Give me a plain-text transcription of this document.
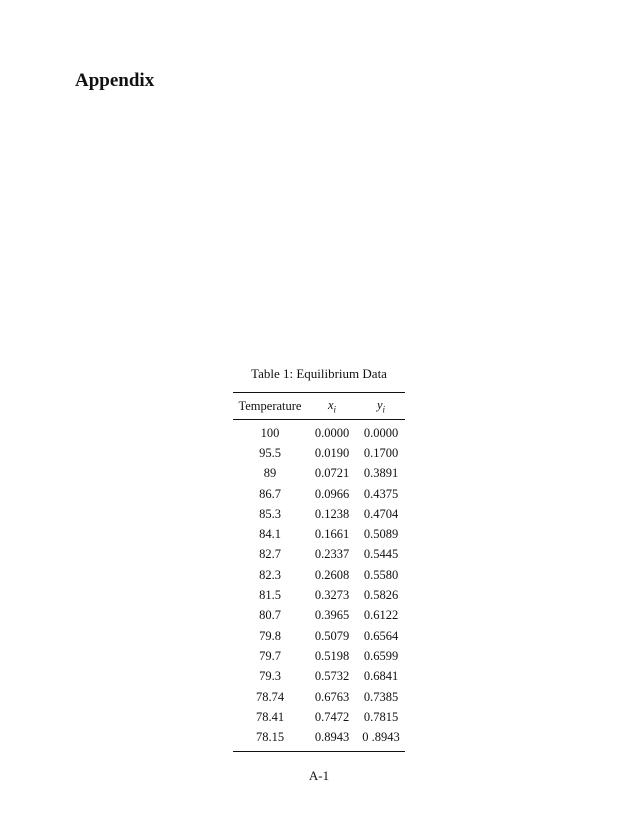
Appendix
Table 1: Equilibrium Data
Temperature	$x_i$	$y_i$
100	0.0000	0.0000
95.5	0.0190	0.1700
89	0.0721	0.3891
86.7	0.0966	0.4375
85.3	0.1238	0.4704
84.1	0.1661	0.5089
82.7	0.2337	0.5445
82.3	0.2608	0.5580
81.5	0.3273	0.5826
80.7	0.3965	0.6122
79.8	0.5079	0.6564
79.7	0.5198	0.6599
79.3	0.5732	0.6841
78.74	0.6763	0.7385
78.41	0.7472	0.7815
78.15	0.8943	0 .8943
A-1
